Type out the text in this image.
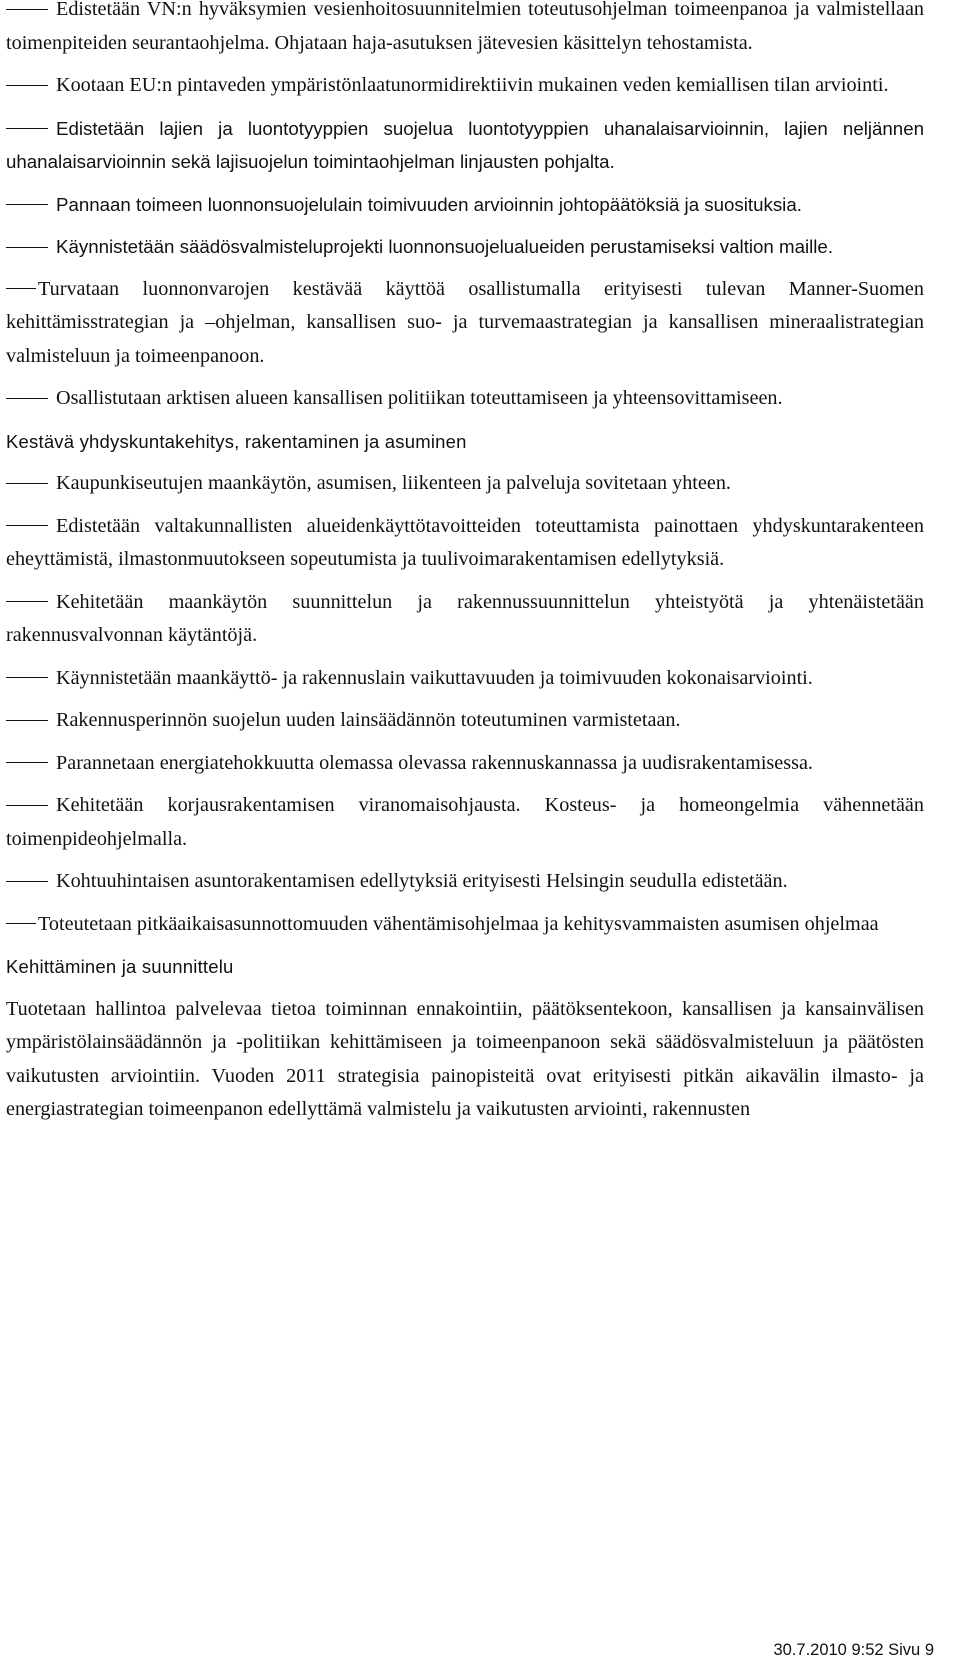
Edistetään VN:n hyväksymien vesienhoitosuunnitelmien toteutusohjelman toimeenpanoa ja valmistellaan toimenpiteiden seurantaohjelma. Ohjataan haja-asutuksen jätevesien käsittelyn tehostamista.

Kootaan EU:n pintaveden ympäristönlaatunormidirektiivin mukainen veden kemiallisen tilan arviointi.

Edistetään lajien ja luontotyyppien suojelua luontotyyppien uhanalaisarvioinnin, lajien neljännen uhanalaisarvioinnin sekä lajisuojelun toimintaohjelman linjausten pohjalta.

Pannaan toimeen luonnonsuojelulain toimivuuden arvioinnin johtopäätöksiä ja suosituksia.

Käynnistetään säädösvalmisteluprojekti luonnonsuojelualueiden perustamiseksi valtion maille.

Turvataan luonnonvarojen kestävää käyttöä osallistumalla erityisesti tulevan Manner-Suomen kehittämisstrategian ja –ohjelman, kansallisen suo- ja turvemaastrategian ja kansallisen mineraalistrategian valmisteluun ja toimeenpanoon.

Osallistutaan arktisen alueen kansallisen politiikan toteuttamiseen ja yhteensovittamiseen.

Kestävä yhdyskuntakehitys, rakentaminen ja asuminen

Kaupunkiseutujen maankäytön, asumisen, liikenteen ja palveluja sovitetaan yhteen.

Edistetään valtakunnallisten alueidenkäyttötavoitteiden toteuttamista painottaen yhdyskuntarakenteen eheyttämistä, ilmastonmuutokseen sopeutumista ja tuulivoimarakentamisen edellytyksiä.

Kehitetään maankäytön suunnittelun ja rakennussuunnittelun yhteistyötä ja yhtenäistetään rakennusvalvonnan käytäntöjä.

Käynnistetään maankäyttö- ja rakennuslain vaikuttavuuden ja toimivuuden kokonaisarviointi.

Rakennusperinnön suojelun uuden lainsäädännön toteutuminen varmistetaan.

Parannetaan energiatehokkuutta olemassa olevassa rakennuskannassa ja uudisrakentamisessa.

Kehitetään korjausrakentamisen viranomaisohjausta. Kosteus- ja homeongelmia vähennetään toimenpideohjelmalla.

Kohtuuhintaisen asuntorakentamisen edellytyksiä erityisesti Helsingin seudulla edistetään.

Toteutetaan pitkäaikaisasunnottomuuden vähentämisohjelmaa ja kehitysvammaisten asumisen ohjelmaa

Kehittäminen ja suunnittelu

Tuotetaan hallintoa palvelevaa tietoa toiminnan ennakointiin, päätöksentekoon, kansallisen ja kansainvälisen ympäristölainsäädännön ja -politiikan kehittämiseen ja toimeenpanoon sekä säädösvalmisteluun ja päätösten vaikutusten arviointiin. Vuoden 2011 strategisia painopisteitä ovat erityisesti pitkän aikavälin ilmasto- ja energiastrategian toimeenpanon edellyttämä valmistelu ja vaikutusten arviointi, rakennusten

30.7.2010 9:52 Sivu 9
